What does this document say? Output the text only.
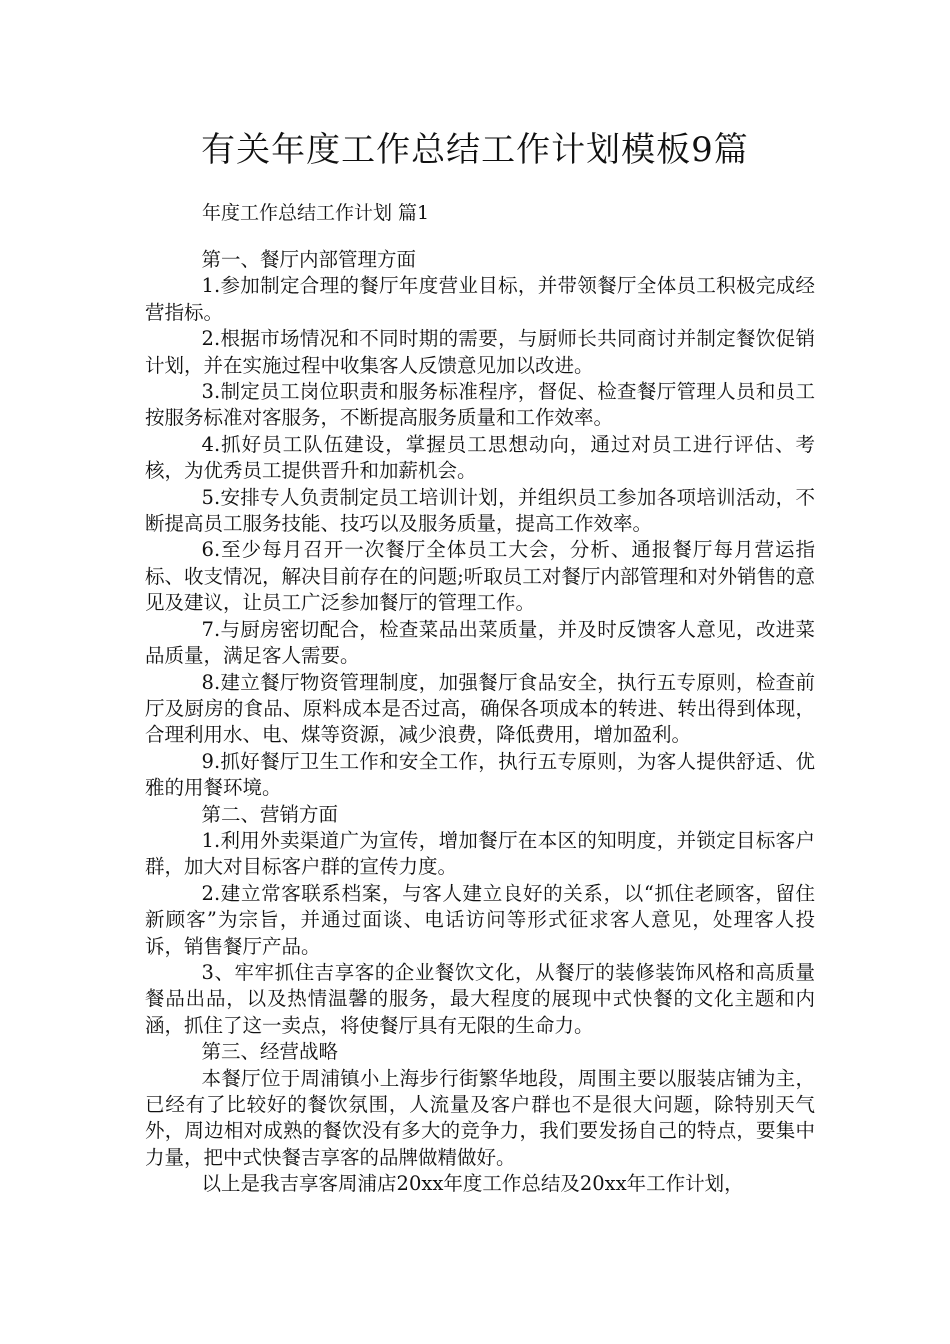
有关年度工作总结工作计划模板9篇
年度工作总结工作计划 篇1

第一、餐厅内部管理方面

1.参加制定合理的餐厅年度营业目标，并带领餐厅全体员工积极完成经营指标。

2.根据市场情况和不同时期的需要，与厨师长共同商讨并制定餐饮促销计划，并在实施过程中收集客人反馈意见加以改进。

3.制定员工岗位职责和服务标准程序，督促、检查餐厅管理人员和员工按服务标准对客服务，不断提高服务质量和工作效率。

4.抓好员工队伍建设，掌握员工思想动向，通过对员工进行评估、考核，为优秀员工提供晋升和加薪机会。

5.安排专人负责制定员工培训计划，并组织员工参加各项培训活动，不断提高员工服务技能、技巧以及服务质量，提高工作效率。

6.至少每月召开一次餐厅全体员工大会，分析、通报餐厅每月营运指标、收支情况，解决目前存在的问题;听取员工对餐厅内部管理和对外销售的意见及建议，让员工广泛参加餐厅的管理工作。

7.与厨房密切配合，检查菜品出菜质量，并及时反馈客人意见，改进菜品质量，满足客人需要。

8.建立餐厅物资管理制度，加强餐厅食品安全，执行五专原则，检查前厅及厨房的食品、原料成本是否过高，确保各项成本的转进、转出得到体现，合理利用水、电、煤等资源，减少浪费，降低费用，增加盈利。

9.抓好餐厅卫生工作和安全工作，执行五专原则，为客人提供舒适、优雅的用餐环境。

第二、营销方面

1.利用外卖渠道广为宣传，增加餐厅在本区的知明度，并锁定目标客户群，加大对目标客户群的宣传力度。

2.建立常客联系档案，与客人建立良好的关系，以“抓住老顾客，留住新顾客”为宗旨，并通过面谈、电话访问等形式征求客人意见，处理客人投诉，销售餐厅产品。

3、牢牢抓住吉享客的企业餐饮文化，从餐厅的装修装饰风格和高质量餐品出品，以及热情温馨的服务，最大程度的展现中式快餐的文化主题和内涵，抓住了这一卖点，将使餐厅具有无限的生命力。

第三、经营战略

本餐厅位于周浦镇小上海步行街繁华地段，周围主要以服装店铺为主，已经有了比较好的餐饮氛围，人流量及客户群也不是很大问题，除特别天气外，周边相对成熟的餐饮没有多大的竞争力，我们要发扬自己的特点，要集中力量，把中式快餐吉享客的品牌做精做好。

以上是我吉享客周浦店20xx年度工作总结及20xx年工作计划，
